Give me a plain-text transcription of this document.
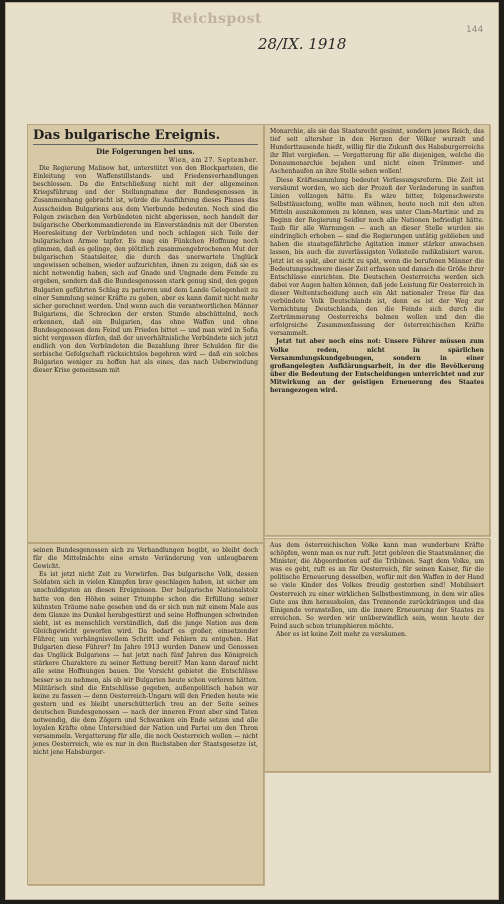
Reichspost
28/IX. 1918
144
Das bulgarische Ereignis.
Die Folgerungen bei uns.

Wien, am 27. September.

Die Regierung Malinow hat, unterstützt von den Blockparteien, die Einleitung von Waffenstillstands- und Friedensverhandlungen beschlossen. Da die Entschließung nicht mit der allgemeinen Kriegsführung und der Stellungnahme der Bundesgenossen in Zusammenhang gebracht ist, würde die Ausführung dieses Planes das Ausscheiden Bulgariens aus dem Vierbunde bedeuten. Noch sind die Folgen zwischen den Verbündeten nicht abgerissen, noch handelt der bulgarische Oberkommandierende im Einverständnis mit der Obersten Heeresleitung der Verbündeten und noch schlagen sich Teile der bulgarischen Armee tapfer. Es mag ein Fünkchen Hoffnung noch glimmen, daß es gelinge, den plötzlich zusammengebrochenen Mut der bulgarischen Staatsleiter, die durch das unerwartete Unglück ungewissen scheinen, wieder aufzurichten, ihnen zu zeigen, daß sie es nicht notwendig haben, sich auf Gnade und Ungnade dem Feinde zu ergeben, sondern daß die Bundesgenossen stark genug sind, den gegen Bulgarien geführten Schlag zu parieren und dem Lande Gelegenheit zu einer Sammlung seiner Kräfte zu geben, aber es kann damit nicht mehr sicher gerechnet werden. Und wenn auch die verantwortlichen Männer Bulgariens, die Schrecken der ersten Stunde abschüttelnd, noch erkennen, daß ein Bulgarien, das ohne Waffen und ohne Bundesgenossen dem Feind um Frieden bittet — und man wird in Sofia nicht vergessen dürfen, daß der unverhältnisliche Verbündete sich jetzt endlich von den Verbündeten die Bezahlung ihrer Schulden für die serbische Gefolgschaft rücksichtslos begehren wird — daß ein solches Bulgarien weniger zu hoffen hat als eines, das nach Ueberwindung dieser Krise gemeinsam mit

Monarchie, als sie das Staatsrecht gesinnt, sondern jenes Reich, das tief seit altersher in den Herzen der Völker wurzelt und Hunderttausende hießt, willig für die Zukunft des Habsburgerreichs ihr Blut vergießen. — Vergatterung für alle diejenigen, welche die Donaumonarchie bejahen und nicht einen Trümmer- und Aschenhaufen an ihre Stelle sehen wollen!

Diese Kräftesammlung bedeutet Verfassungsreform. Die Zeit ist versäumt worden, wo sich der Prozeß der Veränderung in sanften Linien vollzogen hätte. Es wäre bitter, folgenschwerste Selbsttäuschung, wollte man wähnen, heute noch mit den alten Mitteln auszukommen zu können, was unter Clam-Martinic und zu Beginn der Regierung Seidler noch alle Nationen befriedigt hätte. Taub für alle Warnungen — auch an dieser Stelle wurden sie eindringlich erhoben — sind die Regierungen untätig geblieben und haben die staatsgefährliche Agitation immer stärker anwachsen lassen, bis auch die zuverlässigsten Volksteile radikalisiert waren. Jetzt ist es spät, aber nicht zu spät, wenn die berufenen Männer die Bedeutungsschwere dieser Zeit erfassen und danach die Größe ihrer Entschlüsse einrichten. Die Deutschen Oesterreichs werden sich dabei vor Augen halten können, daß jede Leistung für Oesterreich in dieser Weltentscheidung auch ein Akt nationaler Treue für das verbündete Volk Deutschlands ist, denn es ist der Weg zur Vernichtung Deutschlands, den die Feinde sich durch die Zertrümmerung Oesterreichs bahnen wollen und den die erfolgreiche Zusammenfassung der österreichischen Kräfte versammelt.

Jetzt tut aber noch eins not: Unsere Führer müssen zum Volke reden, nicht in spärlichen Versammlungskundgebungen, sondern in einer großangelegten Aufklärungsarbeit, in der die Bevölkerung über die Bedeutung der Entscheidungen unterrichtet und zur Mitwirkung an der geistigen Erneuerung des Staates herangezogen wird.

seinen Bundesgenossen sich zu Verhandlungen begibt, so bleibt doch für die Mittelmächte eine ernste Veränderung von unleugbarem Gewicht.

Es ist jetzt nicht Zeit zu Vorwürfen. Das bulgarische Volk, dessen Soldaten sich in vielen Kämpfen brav geschlagen haben, ist sicher am unschuldigsten an diesen Ereignissen. Der bulgarische Nationalstolz hatte von den Höhen seiner Triumphe schon die Erfüllung seiner kühnsten Träume nahe gesehen und da er sich nun mit einem Male aus dem Glanze ins Dunkel herabgestürzt und seine Hoffnungen schwinden sieht, ist es menschlich verständlich, daß die junge Nation aus dem Gleichgewicht geworfen wird. Da bedarf es großer, einsetzender Führer, um verhängnisvollem Schritt und Fehlern zu entgehen. Hat Bulgarien diese Führer? Im Jahre 1913 wurden Danew und Genossen das Unglück Bulgariens — hat jetzt nach fünf Jahren das Königreich stärkere Charaktere zu seiner Rettung bereit? Man kann darauf nicht alle seine Hoffnungen bauen. Die Vorsicht gebietet die Entschlüsse besser so zu nehmen, als ob wir Bulgarien heute schon verloren hätten. Militärisch sind die Entschlüsse gegeben, außenpolitisch haben wir keine zu fassen — denn Oesterreich-Ungarn will den Frieden heute wie gestern und es bleibt unerschütterlich treu an der Seite seines deutschen Bundesgenossen — nach der inneren Front aber sind Taten notwendig, die dem Zögern und Schwanken ein Ende setzen und alle loyalen Kräfte ohne Unterschied der Nation und Partei um den Thron versammeln. Vergatterung für alle, die noch Oesterreich wollen — nicht jenes Oesterreich, wie es nur in den Buchstaben der Staatsgesetze ist, nicht jene Habsburger-

Aus dem österreichischen Volke kann man wunderbare Kräfte schöpfen, wenn man es nur ruft. Jetzt gehören die Staatsmänner, die Minister, die Abgeordneten auf die Tribünen. Sagt dem Volke, um was es geht, ruft es an für Oesterreich, für seinen Kaiser, für die politische Erneuerung desselben, wofür mit den Waffen in der Hand so viele Kinder des Volkes freudig gestorben sind! Mobilisiert Oesterreich zu einer wirklichen Selbstbestimmung, in dem wir alles Gute aus ihm herausholen, das Trennende zurückdrängen und das Einigende voranstellen, um die innere Erneuerung der Staates zu erreichen. So werden wir unüberwindlich sein, wenn heute der Feind auch schon triumphieren möchte.

Aber es ist keine Zeit mehr zu versäumen.
